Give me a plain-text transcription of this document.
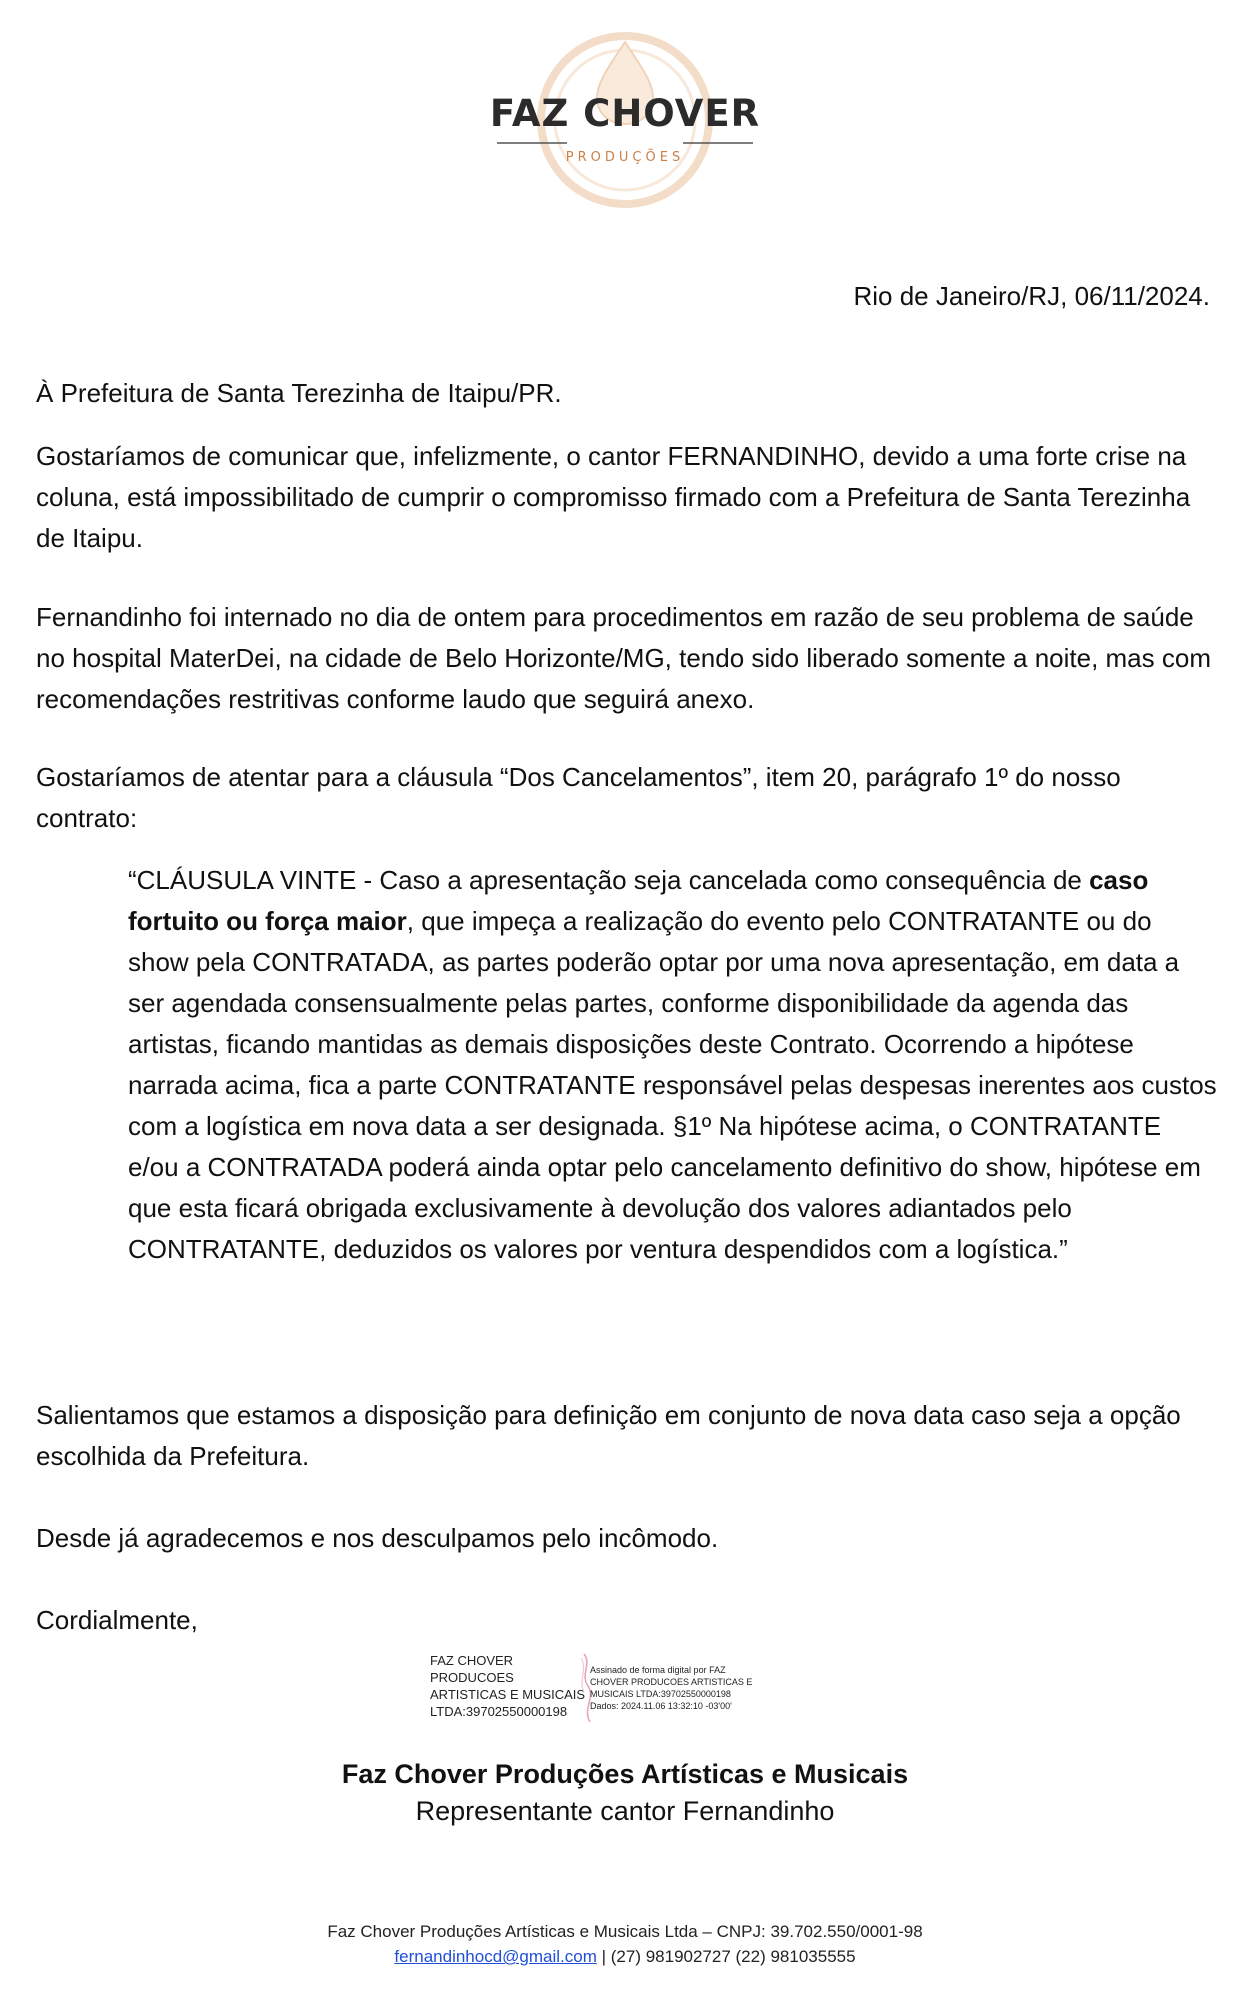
FAZ CHOVER
PRODUÇÕES

Rio de Janeiro/RJ, 06/11/2024.

À Prefeitura de Santa Terezinha de Itaipu/PR.

Gostaríamos de comunicar que, infelizmente, o cantor FERNANDINHO, devido a uma forte crise na coluna, está impossibilitado de cumprir o compromisso firmado com a Prefeitura de Santa Terezinha de Itaipu.

Fernandinho foi internado no dia de ontem para procedimentos em razão de seu problema de saúde no hospital MaterDei, na cidade de Belo Horizonte/MG, tendo sido liberado somente a noite, mas com recomendações restritivas conforme laudo que seguirá anexo.

Gostaríamos de atentar para a cláusula “Dos Cancelamentos”, item 20, parágrafo 1º do nosso contrato:

“CLÁUSULA VINTE - Caso a apresentação seja cancelada como consequência de caso fortuito ou força maior, que impeça a realização do evento pelo CONTRATANTE ou do show pela CONTRATADA, as partes poderão optar por uma nova apresentação, em data a ser agendada consensualmente pelas partes, conforme disponibilidade da agenda das artistas, ficando mantidas as demais disposições deste Contrato. Ocorrendo a hipótese narrada acima, fica a parte CONTRATANTE responsável pelas despesas inerentes aos custos com a logística em nova data a ser designada. §1º Na hipótese acima, o CONTRATANTE e/ou a CONTRATADA poderá ainda optar pelo cancelamento definitivo do show, hipótese em que esta ficará obrigada exclusivamente à devolução dos valores adiantados pelo CONTRATANTE, deduzidos os valores por ventura despendidos com a logística.”

Salientamos que estamos a disposição para definição em conjunto de nova data caso seja a opção escolhida da Prefeitura.

Desde já agradecemos e nos desculpamos pelo incômodo.

Cordialmente,

FAZ CHOVER
PRODUCOES
ARTISTICAS E MUSICAIS
LTDA:39702550000198
Assinado de forma digital por FAZ
CHOVER PRODUCOES ARTISTICAS E
MUSICAIS LTDA:39702550000198
Dados: 2024.11.06 13:32:10 -03'00'
Faz Chover Produções Artísticas e Musicais
Representante cantor Fernandinho
Faz Chover Produções Artísticas e Musicais Ltda – CNPJ: 39.702.550/0001-98
fernandinhocd@gmail.com | (27) 981902727 (22) 981035555
